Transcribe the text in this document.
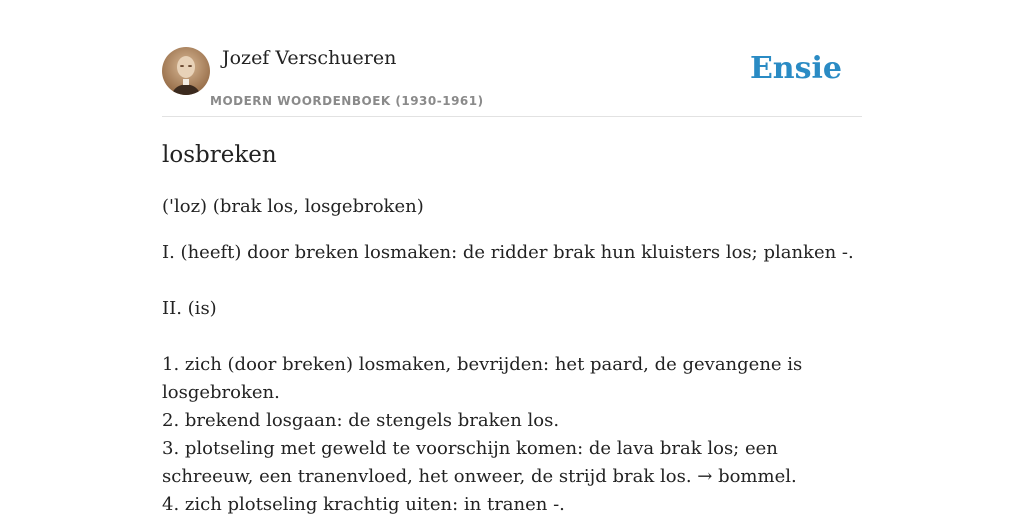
Jozef Verschueren
MODERN WOORDENBOEK (1930-1961)
Ensie
losbreken
('loz) (brak los, losgebroken)

I. (heeft) door breken losmaken: de ridder brak hun kluisters los; planken -.

II. (is)

1. zich (door breken) losmaken, bevrijden: het paard, de gevangene is losgebroken.

2. brekend losgaan: de stengels braken los.

3. plotseling met geweld te voorschijn komen: de lava brak los; een schreeuw, een tranenvloed, het onweer, de strijd brak los. → bommel.

4. zich plotseling krachtig uiten: in tranen -.
